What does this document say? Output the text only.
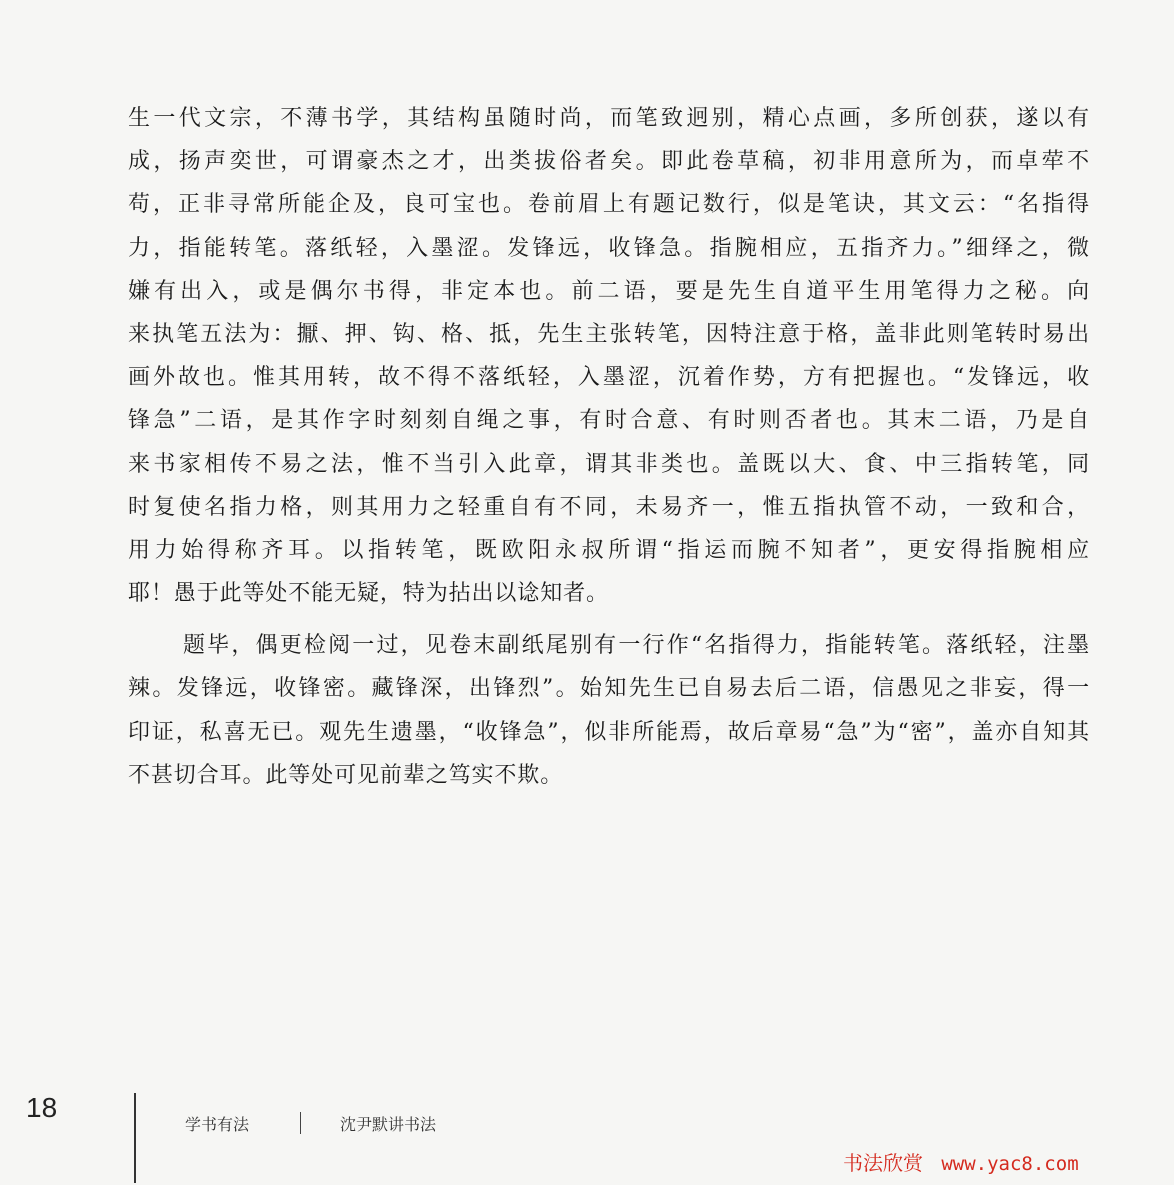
生一代文宗，不薄书学，其结构虽随时尚，而笔致迥别，精心点画，多所创获，遂以有
成，扬声奕世，可谓豪杰之才，出类拔俗者矣。即此卷草稿，初非用意所为，而卓荦不
苟，正非寻常所能企及，良可宝也。卷前眉上有题记数行，似是笔诀，其文云：“名指得
力，指能转笔。落纸轻，入墨涩。发锋远，收锋急。指腕相应，五指齐力。”细绎之，微
嫌有出入，或是偶尔书得，非定本也。前二语，要是先生自道平生用笔得力之秘。向
来执笔五法为：擫、押、钩、格、抵，先生主张转笔，因特注意于格，盖非此则笔转时易出
画外故也。惟其用转，故不得不落纸轻，入墨涩，沉着作势，方有把握也。“发锋远，收
锋急”二语，是其作字时刻刻自绳之事，有时合意、有时则否者也。其末二语，乃是自
来书家相传不易之法，惟不当引入此章，谓其非类也。盖既以大、食、中三指转笔，同
时复使名指力格，则其用力之轻重自有不同，未易齐一，惟五指执管不动，一致和合，
用力始得称齐耳。以指转笔，既欧阳永叔所谓“指运而腕不知者”，更安得指腕相应
耶！愚于此等处不能无疑，特为拈出以谂知者。
题毕，偶更检阅一过，见卷末副纸尾别有一行作“名指得力，指能转笔。落纸轻，注墨
辣。发锋远，收锋密。藏锋深，出锋烈”。始知先生已自易去后二语，信愚见之非妄，得一
印证，私喜无已。观先生遗墨，“收锋急”，似非所能焉，故后章易“急”为“密”，盖亦自知其
不甚切合耳。此等处可见前辈之笃实不欺。
18
学书有法	沈尹默讲书法
书法欣赏 www.yac8.com
